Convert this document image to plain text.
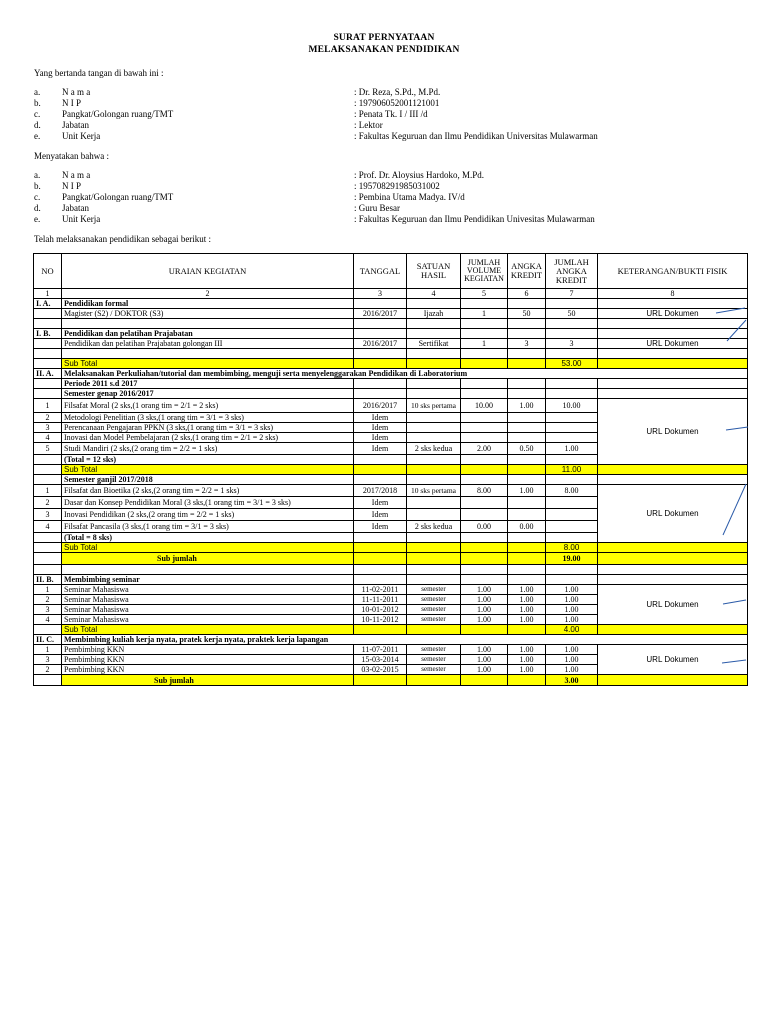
SURAT PERNYATAAN
MELAKSANAKAN PENDIDIKAN
Yang bertanda tangan di bawah ini :
a. N a m a	: Dr. Reza, S.Pd., M.Pd.
b. N I P	: 197906052001121001
c. Pangkat/Golongan ruang/TMT	: Penata Tk. I / III /d
d. Jabatan	: Lektor
e. Unit Kerja	: Fakultas Keguruan dan Ilmu Pendidikan Universitas Mulawarman
Menyatakan bahwa :
a. N a m a	: Prof. Dr. Aloysius Hardoko, M.Pd.
b. N I P	: 195708291985031002
c. Pangkat/Golongan ruang/TMT	: Pembina Utama Madya. IV/d
d. Jabatan	: Guru Besar
e. Unit Kerja	: Fakultas Keguruan dan Ilmu Pendidikan Univesitas Mulawarman
Telah melaksanakan pendidikan sebagai berikut :
NO	URAIAN KEGIATAN	TANGGAL	SATUAN HASIL	JUMLAH VOLUME KEGIATAN	ANGKA KREDIT	JUMLAH ANGKA KREDIT	KETERANGAN/BUKTI FISIK
1	2	3	4	5	6	7	8
I. A.	Pendidikan formal						
	Magister (S2) / DOKTOR (S3)	2016/2017	Ijazah	1	50	50	URL Dokumen

I. B.	Pendidikan dan pelatihan Prajabatan						
	Pendidikan dan pelatihan Prajabatan golongan III	2016/2017	Sertifikat	1	3	3	URL Dokumen

	Sub Total					53.00	
II. A.	Melaksanakan Perkuliahan/tutorial dan membimbing, menguji serta menyelenggarakan Pendidikan di Laboratorium						
	Periode 2011 s.d 2017						
	Semester genap 2016/2017						
1	Filsafat Moral (2 sks,(1 orang tim = 2/1 = 2 sks)	2016/2017	10 sks pertama	10.00	1.00	10.00	URL Dokumen
2	Metodologi Penelitian (3 sks,(1 orang tim = 3/1 = 3 sks)	Idem					
3	Perencanaan Pengajaran PPKN (3 sks,(1 orang tim = 3/1 = 3 sks)	Idem					
4	Inovasi dan Model Pembelajaran (2 sks,(1 orang tim = 2/1 = 2 sks)	Idem					
5	Studi Mandiri (2 sks,(2 orang tim = 2/2 = 1 sks)	Idem	2 sks kedua	2.00	0.50	1.00	
	(Total = 12 sks)						
	Sub Total					11.00	
	Semester ganjil 2017/2018						
1	Filsafat dan Bioetika (2 sks,(2 orang tim = 2/2 = 1 sks)	2017/2018	10 sks pertama	8.00	1.00	8.00	URL Dokumen
2	Dasar dan Konsep Pendidikan Moral (3 sks,(1 orang tim = 3/1 = 3 sks)	Idem					
3	Inovasi Pendidikan (2 sks,(2 orang tim = 2/2 = 1 sks)	Idem					
4	Filsafat Pancasila (3 sks,(1 orang tim = 3/1 = 3 sks)	Idem	2 sks kedua	0.00	0.00		
	(Total = 8 sks)						
	Sub Total					8.00	
	Sub jumlah					19.00	

II. B.	Membimbing seminar						
1	Seminar Mahasiswa	11-02-2011	semester	1.00	1.00	1.00	URL Dokumen
2	Seminar Mahasiswa	11-11-2011	semester	1.00	1.00	1.00	
3	Seminar Mahasiswa	10-01-2012	semester	1.00	1.00	1.00	
4	Seminar Mahasiswa	10-11-2012	semester	1.00	1.00	1.00	
	Sub Total					4.00	
II. C.	Membimbing kuliah kerja nyata, pratek kerja nyata, praktek kerja lapangan						
1	Pembimbing KKN	11-07-2011	semester	1.00	1.00	1.00	URL Dokumen
3	Pembimbing KKN	15-03-2014	semester	1.00	1.00	1.00	
2	Pembimbing KKN	03-02-2015	semester	1.00	1.00	1.00	
	Sub jumlah					3.00	
